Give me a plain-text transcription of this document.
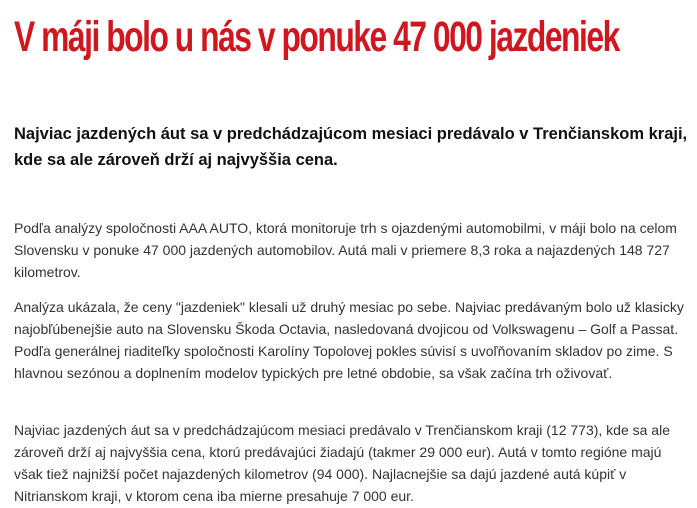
V máji bolo u nás v ponuke 47 000 jazdeniek

Najviac jazdených áut sa v predchádzajúcom mesiaci predávalo v Trenčianskom kraji, kde sa ale zároveň drží aj najvyššia cena.

Podľa analýzy spoločnosti AAA AUTO, ktorá monitoruje trh s ojazdenými automobilmi, v máji bolo na celom Slovensku v ponuke 47 000 jazdených automobilov. Autá mali v priemere 8,3 roka a najazdených 148 727 kilometrov.

Analýza ukázala, že ceny "jazdeniek" klesali už druhý mesiac po sebe. Najviac predávaným bolo už klasicky najobľúbenejšie auto na Slovensku Škoda Octavia, nasledovaná dvojicou od Volkswagenu – Golf a Passat. Podľa generálnej riaditeľky spoločnosti Karolíny Topolovej pokles súvisí s uvoľňovaním skladov po zime. S hlavnou sezónou a doplnením modelov typických pre letné obdobie, sa však začína trh oživovať.

Najviac jazdených áut sa v predchádzajúcom mesiaci predávalo v Trenčianskom kraji (12 773), kde sa ale zároveň drží aj najvyššia cena, ktorú predávajúci žiadajú (takmer 29 000 eur). Autá v tomto regióne majú však tiež najnižší počet najazdených kilometrov (94 000). Najlacnejšie sa dajú jazdené autá kúpiť v Nitrianskom kraji, v ktorom cena iba mierne presahuje 7 000 eur.
